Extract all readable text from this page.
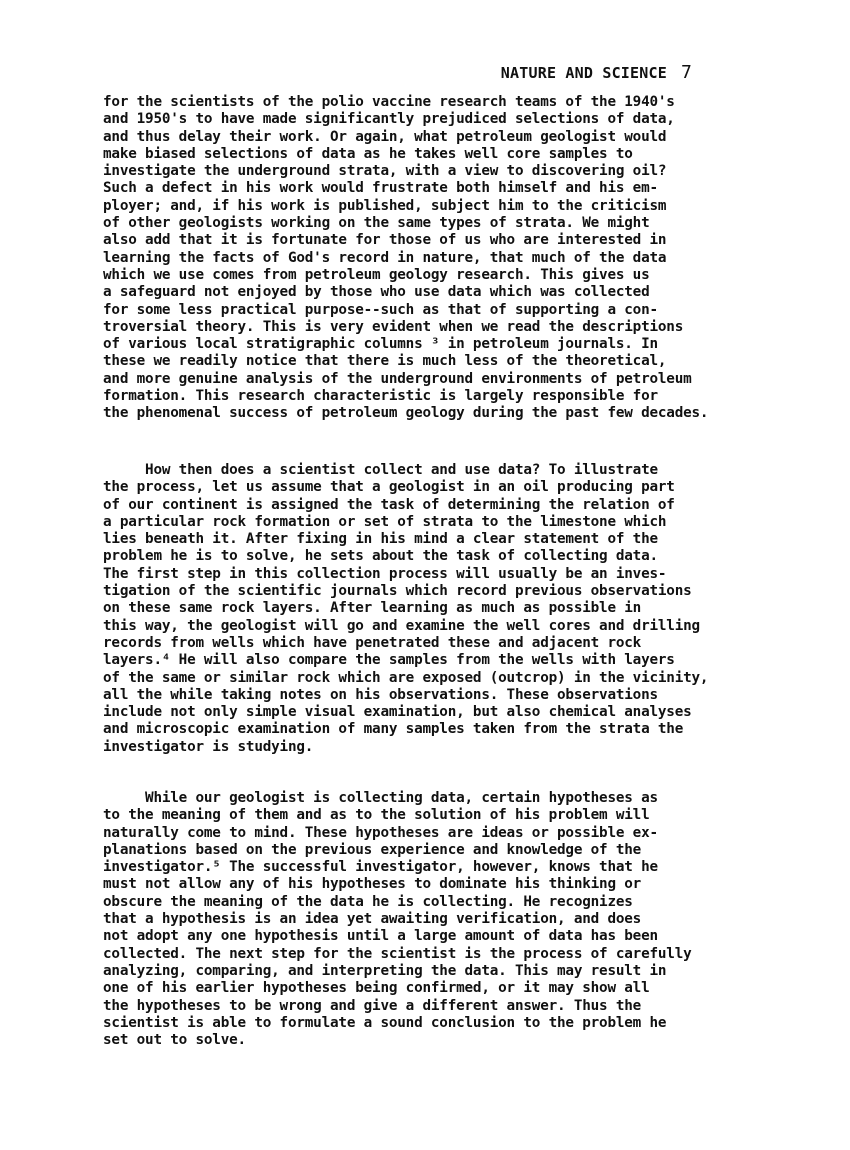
NATURE AND SCIENCE 7
for the scientists of the polio vaccine research teams of the 1940's
and 1950's to have made significantly prejudiced selections of data,
and thus delay their work. Or again, what petroleum geologist would
make biased selections of data as he takes well core samples to
investigate the underground strata, with a view to discovering oil?
Such a defect in his work would frustrate both himself and his em-
ployer; and, if his work is published, subject him to the criticism
of other geologists working on the same types of strata. We might
also add that it is fortunate for those of us who are interested in
learning the facts of God's record in nature, that much of the data
which we use comes from petroleum geology research. This gives us
a safeguard not enjoyed by those who use data which was collected
for some less practical purpose--such as that of supporting a con-
troversial theory. This is very evident when we read the descriptions
of various local stratigraphic columns ³ in petroleum journals. In
these we readily notice that there is much less of the theoretical,
and more genuine analysis of the underground environments of petroleum
formation. This research characteristic is largely responsible for
the phenomenal success of petroleum geology during the past few decades.
How then does a scientist collect and use data? To illustrate
the process, let us assume that a geologist in an oil producing part
of our continent is assigned the task of determining the relation of
a particular rock formation or set of strata to the limestone which
lies beneath it. After fixing in his mind a clear statement of the
problem he is to solve, he sets about the task of collecting data.
The first step in this collection process will usually be an inves-
tigation of the scientific journals which record previous observations
on these same rock layers. After learning as much as possible in
this way, the geologist will go and examine the well cores and drilling
records from wells which have penetrated these and adjacent rock
layers.⁴ He will also compare the samples from the wells with layers
of the same or similar rock which are exposed (outcrop) in the vicinity,
all the while taking notes on his observations. These observations
include not only simple visual examination, but also chemical analyses
and microscopic examination of many samples taken from the strata the
investigator is studying.
While our geologist is collecting data, certain hypotheses as
to the meaning of them and as to the solution of his problem will
naturally come to mind. These hypotheses are ideas or possible ex-
planations based on the previous experience and knowledge of the
investigator.⁵ The successful investigator, however, knows that he
must not allow any of his hypotheses to dominate his thinking or
obscure the meaning of the data he is collecting. He recognizes
that a hypothesis is an idea yet awaiting verification, and does
not adopt any one hypothesis until a large amount of data has been
collected. The next step for the scientist is the process of carefully
analyzing, comparing, and interpreting the data. This may result in
one of his earlier hypotheses being confirmed, or it may show all
the hypotheses to be wrong and give a different answer. Thus the
scientist is able to formulate a sound conclusion to the problem he
set out to solve.
